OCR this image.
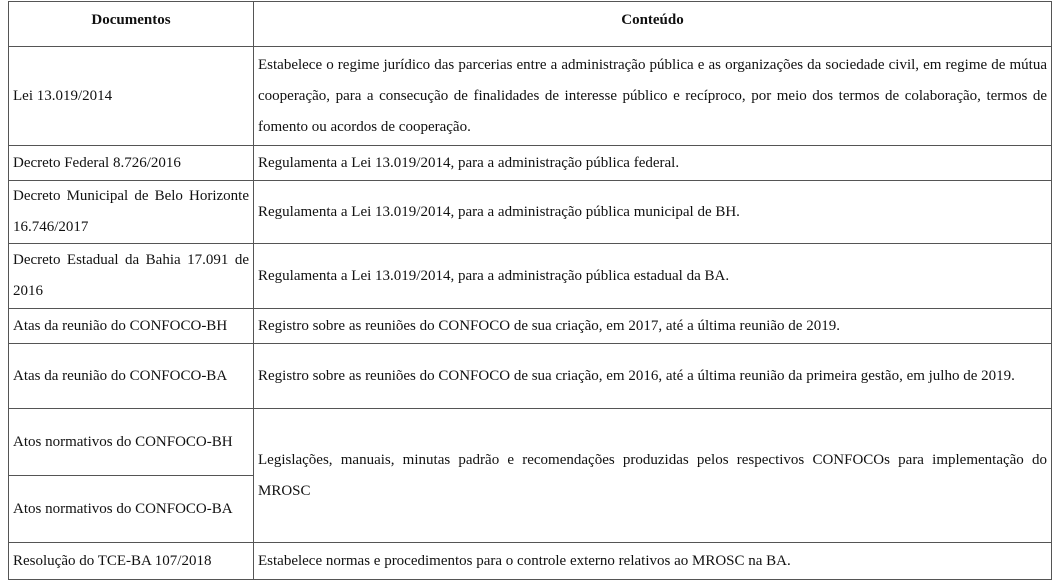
Documentos	Conteúdo
Lei 13.019/2014	Estabelece o regime jurídico das parcerias entre a administração pública e as organizações da sociedade civil, em regime de mútua cooperação, para a consecução de finalidades de interesse público e recíproco, por meio dos termos de colaboração, termos de fomento ou acordos de cooperação.
Decreto Federal 8.726/2016	Regulamenta a Lei 13.019/2014, para a administração pública federal.
Decreto Municipal de Belo Horizonte 16.746/2017	Regulamenta a Lei 13.019/2014, para a administração pública municipal de BH.
Decreto Estadual da Bahia 17.091 de 2016	Regulamenta a Lei 13.019/2014, para a administração pública estadual da BA.
Atas da reunião do CONFOCO-BH	Registro sobre as reuniões do CONFOCO de sua criação, em 2017, até a última reunião de 2019.
Atas da reunião do CONFOCO-BA	Registro sobre as reuniões do CONFOCO de sua criação, em 2016, até a última reunião da primeira gestão, em julho de 2019.
Atos normativos do CONFOCO-BH	Legislações, manuais, minutas padrão e recomendações produzidas pelos respectivos CONFOCOs para implementação do MROSC
Atos normativos do CONFOCO-BA	
Resolução do TCE-BA 107/2018	Estabelece normas e procedimentos para o controle externo relativos ao MROSC na BA.
